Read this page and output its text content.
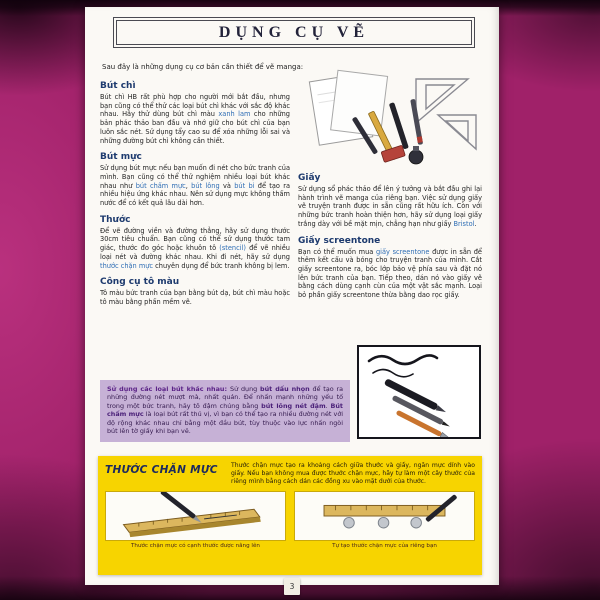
DỤNG CỤ VẼ

Sau đây là những dụng cụ cơ bản cần thiết để vẽ manga:

Bút chì

Bút chì HB rất phù hợp cho người mới bắt đầu, nhưng bạn cũng có thể thử các loại bút chì khác với sắc độ khác nhau. Hãy thử dùng bút chì màu xanh lam cho những bản phác thảo ban đầu và nhớ giữ cho bút chì của bạn luôn sắc nét. Sử dụng tẩy cao su để xóa những lỗi sai và những đường bút chì không cần thiết.

Bút mực

Sử dụng bút mực nếu bạn muốn đi nét cho bức tranh của mình. Bạn cũng có thể thử nghiệm nhiều loại bút khác nhau như bút chấm mực, bút lông và bút bi để tạo ra nhiều hiệu ứng khác nhau. Nên sử dụng mực không thấm nước để có kết quả lâu dài hơn.

Thước

Để vẽ đường viền và đường thẳng, hãy sử dụng thước 30cm tiêu chuẩn. Bạn cũng có thể sử dụng thước tam giác, thước đo góc hoặc khuôn tô (stencil) để vẽ nhiều loại nét và đường khác nhau. Khi đi nét, hãy sử dụng thước chặn mực chuyên dụng để bức tranh không bị lem.

Công cụ tô màu

Tô màu bức tranh của bạn bằng bút dạ, bút chì màu hoặc tô màu bằng phấn mềm vẽ.

Giấy

Sử dụng sổ phác thảo để lên ý tưởng và bắt đầu ghi lại hành trình vẽ manga của riêng bạn. Việc sử dụng giấy vẽ truyện tranh được in sẵn cũng rất hữu ích. Còn với những bức tranh hoàn thiện hơn, hãy sử dụng loại giấy trắng dày với bề mặt mịn, chẳng hạn như giấy Bristol.

Giấy screentone

Bạn có thể muốn mua giấy screentone được in sẵn để thêm kết cấu và bóng cho truyện tranh của mình. Cắt giấy screentone ra, bóc lớp bảo vệ phía sau và đặt nó lên bức tranh của bạn. Tiếp theo, dán nó vào giấy vẽ bằng cách dùng cạnh cùn của một vật sắc mạnh. Loại bỏ phần giấy screentone thừa bằng dao rọc giấy.

Sử dụng các loại bút khác nhau: Sử dụng bút dấu nhọn để tạo ra những đường nét mượt mà, nhất quán. Để nhấn mạnh những yếu tố trong một bức tranh, hãy tô đậm chúng bằng bút lông nét đậm. Bút chấm mực là loại bút rất thú vị, vì bạn có thể tạo ra nhiều đường nét với độ rộng khác nhau chỉ bằng một đầu bút, tùy thuộc vào lực nhấn ngòi bút lên tờ giấy khi bạn vẽ.

THƯỚC CHẶN MỰC	Thước chặn mực tạo ra khoảng cách giữa thước và giấy, ngăn mực dính vào giấy. Nếu bạn không mua được thước chặn mực, hãy tự làm một cây thước của riêng mình bằng cách dán các đồng xu vào mặt dưới của thước.

Thước chặn mực có cạnh thước được nâng lên	Tự tạo thước chặn mực của riêng bạn
3
